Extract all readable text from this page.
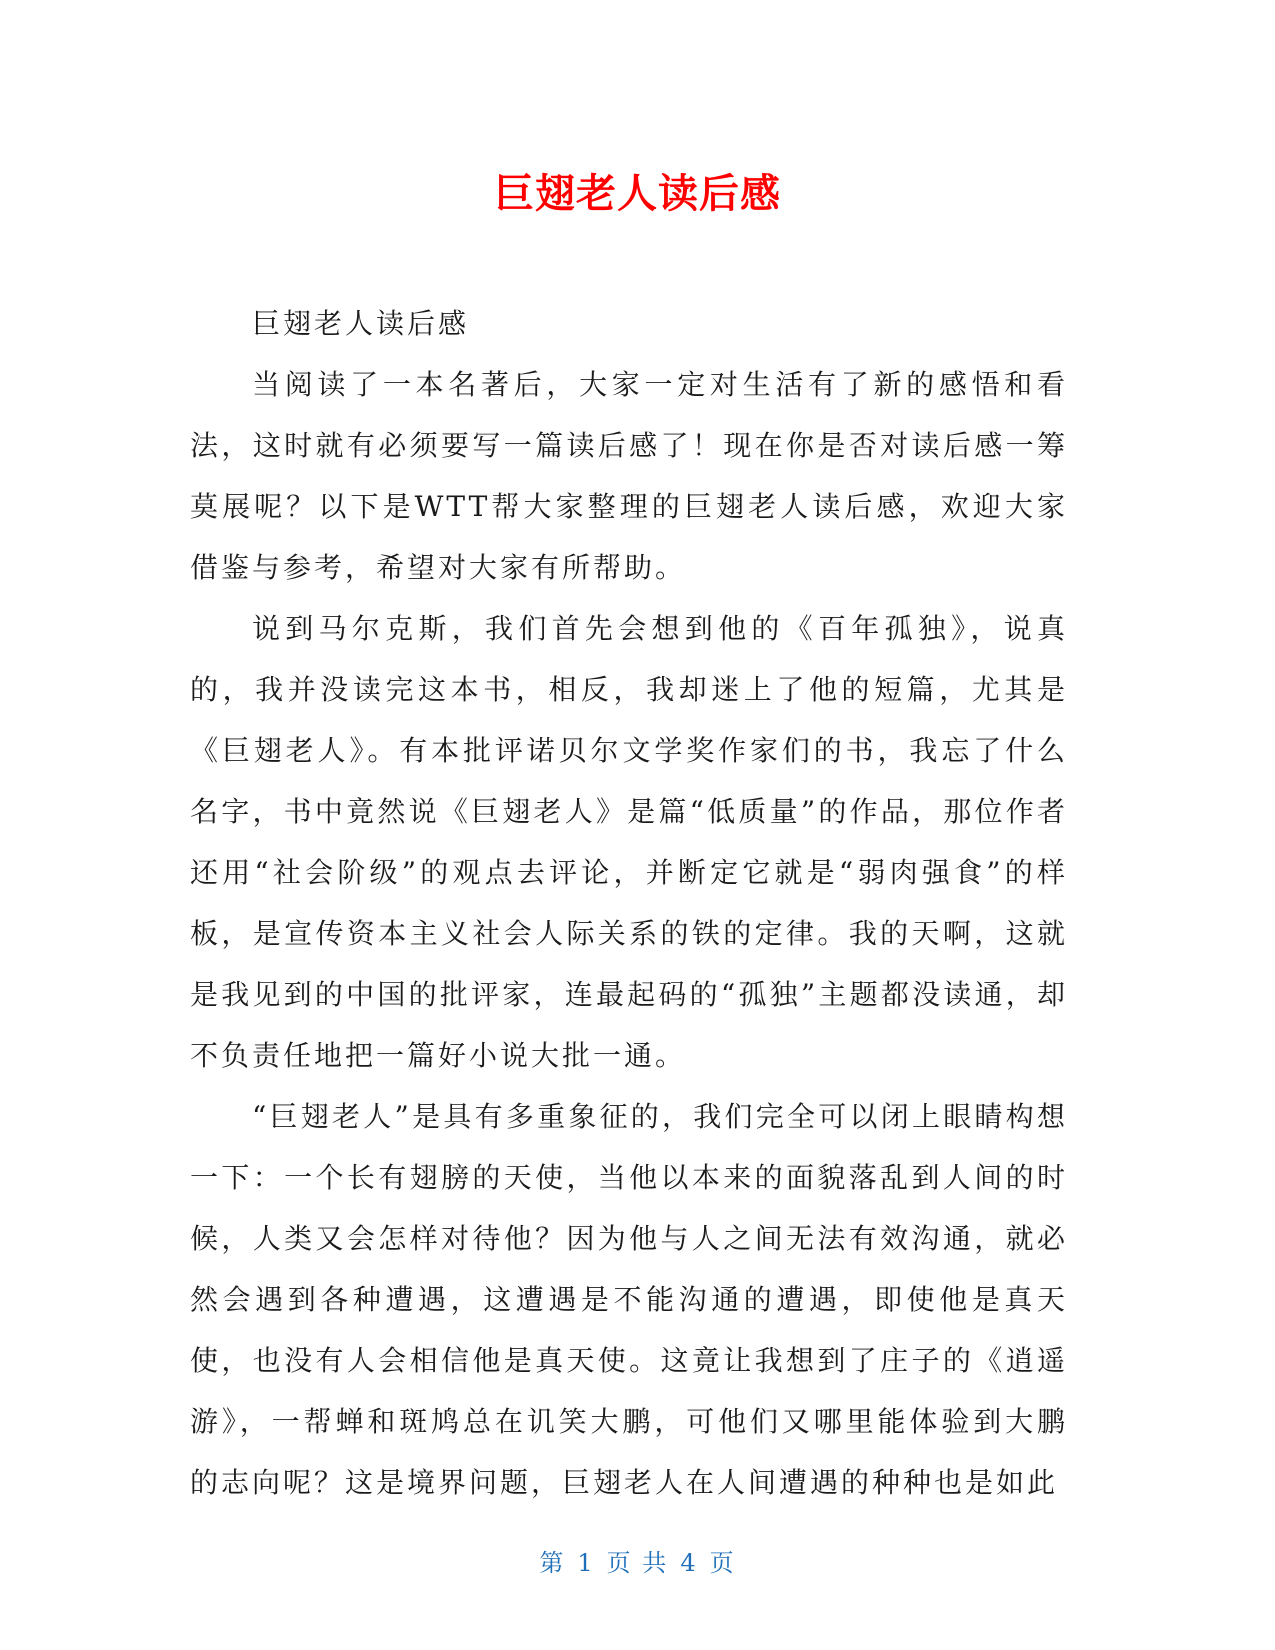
巨翅老人读后感

巨翅老人读后感

当阅读了一本名著后，大家一定对生活有了新的感悟和看法，这时就有必须要写一篇读后感了！现在你是否对读后感一筹莫展呢？以下是WTT帮大家整理的巨翅老人读后感，欢迎大家借鉴与参考，希望对大家有所帮助。

说到马尔克斯，我们首先会想到他的《百年孤独》，说真的，我并没读完这本书，相反，我却迷上了他的短篇，尤其是《巨翅老人》。有本批评诺贝尔文学奖作家们的书，我忘了什么名字，书中竟然说《巨翅老人》是篇“低质量”的作品，那位作者还用“社会阶级”的观点去评论，并断定它就是“弱肉强食”的样板，是宣传资本主义社会人际关系的铁的定律。我的天啊，这就是我见到的中国的批评家，连最起码的“孤独”主题都没读通，却不负责任地把一篇好小说大批一通。

“巨翅老人”是具有多重象征的，我们完全可以闭上眼睛构想一下：一个长有翅膀的天使，当他以本来的面貌落乱到人间的时候，人类又会怎样对待他？因为他与人之间无法有效沟通，就必然会遇到各种遭遇，这遭遇是不能沟通的遭遇，即使他是真天使，也没有人会相信他是真天使。这竟让我想到了庄子的《逍遥游》，一帮蝉和斑鸠总在讥笑大鹏，可他们又哪里能体验到大鹏的志向呢？这是境界问题，巨翅老人在人间遭遇的种种也是如此

第 1 页 共 4 页
